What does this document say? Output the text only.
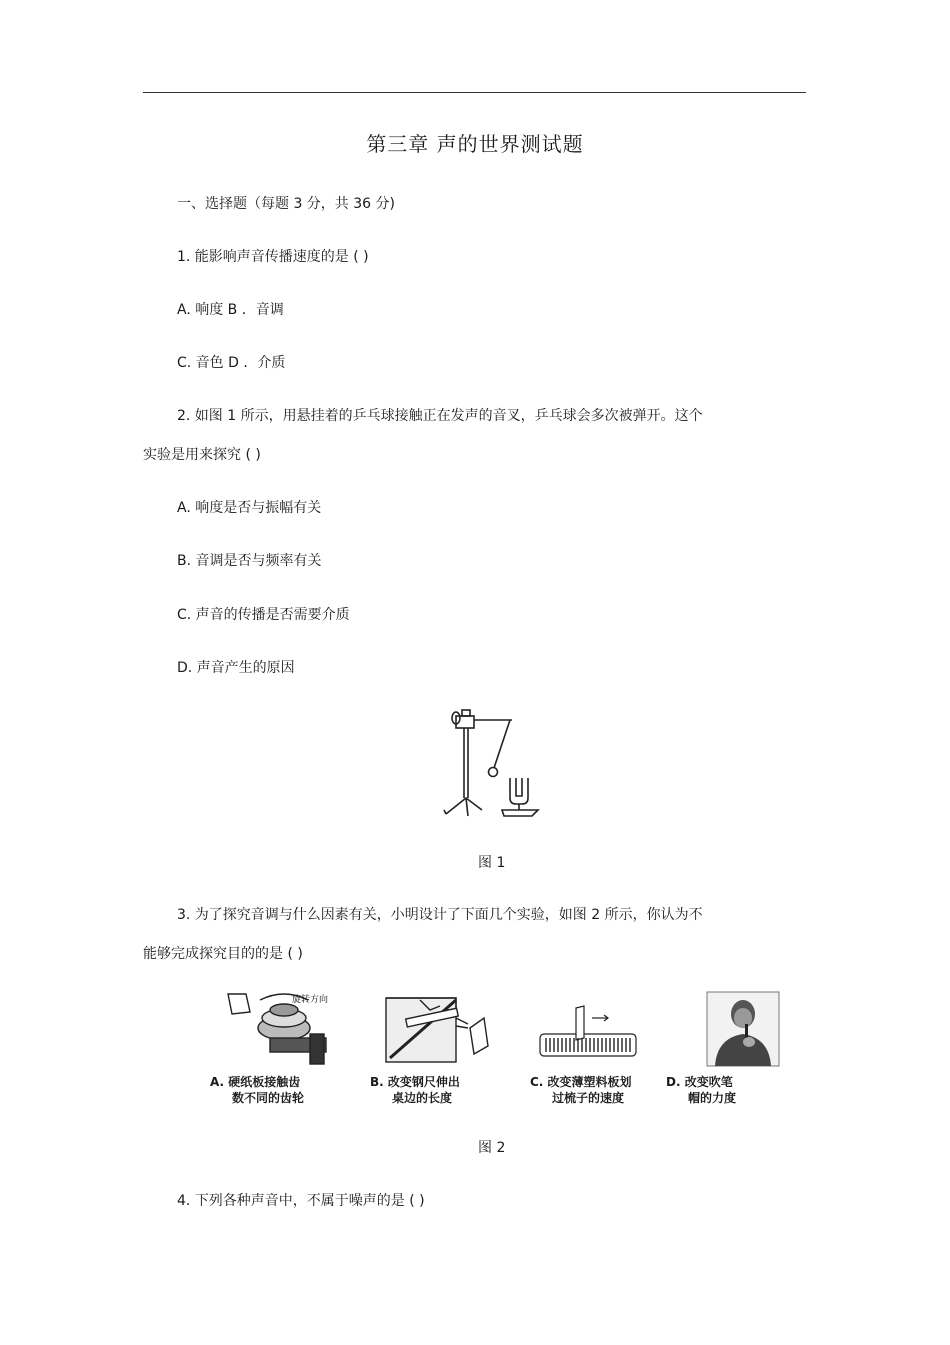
第三章 声的世界测试题
一、选择题（每题 3 分，共 36 分)
1. 能影响声音传播速度的是 ( )
A. 响度 B ．音调
C. 音色 D ．介质
2. 如图 1 所示，用悬挂着的乒乓球接触正在发声的音叉，乒乓球会多次被弹开。这个
实验是用来探究 ( )
A. 响度是否与振幅有关
B. 音调是否与频率有关
C. 声音的传播是否需要介质
D. 声音产生的原因
图 1
3. 为了探究音调与什么因素有关，小明设计了下面几个实验，如图 2 所示，你认为不
能够完成探究目的的是 ( )
旋转方向
A. 硬纸板接触齿
数不同的齿轮
B. 改变钢尺伸出
桌边的长度
C. 改变薄塑料板划
过梳子的速度
D. 改变吹笔
帽的力度
图 2
4. 下列各种声音中，不属于噪声的是 ( )
